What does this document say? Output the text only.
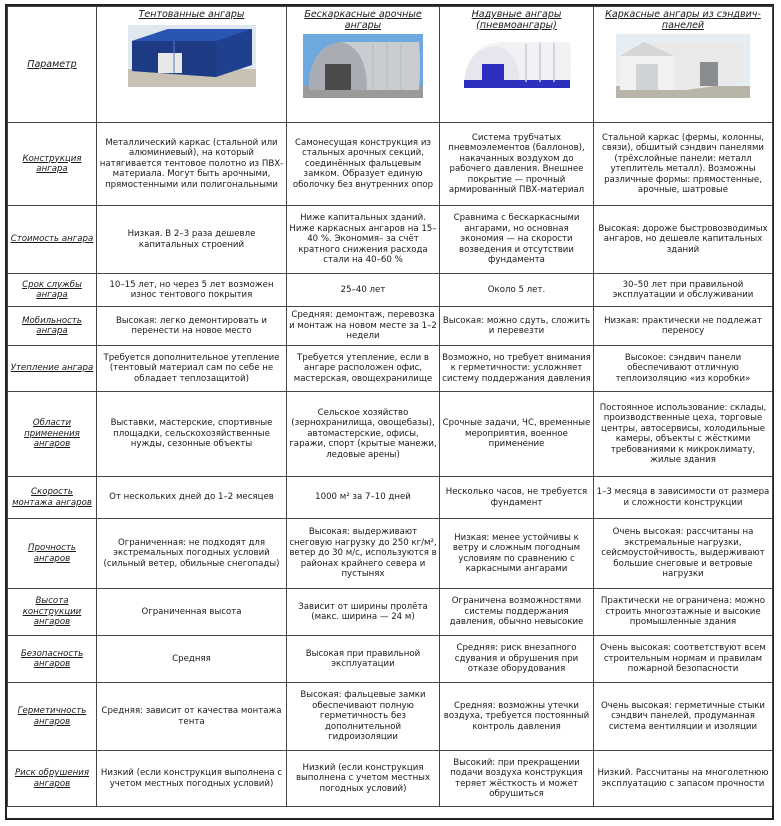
Параметр	Тентованные ангары	Бескаркасные арочные ангары	Надувные ангары (пневмоангары)	Каркасные ангары из сэндвич-панелей

Конструкция ангара	Металлический каркас (стальной или алюминиевый), на который натягивается тентовое полотно из ПВХ-материала. Могут быть арочными, прямостенными или полигональными	Самонесущая конструкция из стальных арочных секций, соединённых фальцевым замком. Образует единую оболочку без внутренних опор	Система трубчатых пневмоэлементов (баллонов), накачанных воздухом до рабочего давления. Внешнее покрытие — прочный армированный ПВХ-материал	Стальной каркас (фермы, колонны, связи), обшитый сэндвич панелями (трёхслойные панели: металл утеплитель металл). Возможны различные формы: прямостенные, арочные, шатровые
Стоимость ангара	Низкая. В 2–3 раза дешевле капитальных строений	Ниже капитальных зданий. Ниже каркасных ангаров на 15–40 %. Экономия– за счёт кратного снижения расхода стали на 40–60 %	Сравнима с бескаркасными ангарами, но основная экономия — на скорости возведения и отсутствии фундамента	Высокая: дороже быстровозводимых ангаров, но дешевле капитальных зданий
Срок службы ангара	10–15 лет, но через 5 лет возможен износ тентового покрытия	25–40 лет	Около 5 лет.	30–50 лет при правильной эксплуатации и обслуживании
Мобильность ангара	Высокая: легко демонтировать и перенести на новое место	Средняя: демонтаж, перевозка и монтаж на новом месте за 1–2 недели	Высокая: можно сдуть, сложить и перевезти	Низкая: практически не подлежат переносу
Утепление ангара	Требуется дополнительное утепление (тентовый материал сам по себе не обладает теплозащитой)	Требуется утепление, если в ангаре расположен офис, мастерская, овощехранилище	Возможно, но требует внимания к герметичности: усложняет систему поддержания давления	Высокое: сэндвич панели обеспечивают отличную теплоизоляцию «из коробки»
Области применения ангаров	Выставки, мастерские, спортивные площадки, сельскохозяйственные нужды, сезонные объекты	Сельское хозяйство (зернохранилища, овощебазы), автомастерские, офисы, гаражи, спорт (крытые манежи, ледовые арены)	Срочные задачи, ЧС, временные мероприятия, военное применение	Постоянное использование: склады, производственные цеха, торговые центры, автосервисы, холодильные камеры, объекты с жёсткими требованиями к микроклимату, жилые здания
Скорость монтажа ангаров	От нескольких дней до 1–2 месяцев	1000 м² за 7–10 дней	Несколько часов, не требуется фундамент	1–3 месяца в зависимости от размера и сложности конструкции
Прочность ангаров	Ограниченная: не подходят для экстремальных погодных условий (сильный ветер, обильные снегопады)	Высокая: выдерживают снеговую нагрузку до 250 кг/м², ветер до 30 м/с, используются в районах крайнего севера и пустынях	Низкая: менее устойчивы к ветру и сложным погодным условиям по сравнению с каркасными ангарами	Очень высокая: рассчитаны на экстремальные нагрузки, сейсмоустойчивость, выдерживают большие снеговые и ветровые нагрузки
Высота конструкции ангаров	Ограниченная высота	Зависит от ширины пролёта (макс. ширина — 24 м)	Ограничена возможностями системы поддержания давления, обычно невысокие	Практически не ограничена: можно строить многоэтажные и высокие промышленные здания
Безопасность ангаров	Средняя	Высокая при правильной эксплуатации	Средняя: риск внезапного сдувания и обрушения при отказе оборудования	Очень высокая: соответствуют всем строительным нормам и правилам пожарной безопасности
Герметичность ангаров	Средняя: зависит от качества монтажа тента	Высокая: фальцевые замки обеспечивают полную герметичность без дополнительной гидроизоляции	Средняя: возможны утечки воздуха, требуется постоянный контроль давления	Очень высокая: герметичные стыки сэндвич панелей, продуманная система вентиляции и изоляции
Риск обрушения ангаров	Низкий (если конструкция выполнена с учетом местных погодных условий)	Низкий (если конструкция выполнена с учетом местных погодных условий)	Высокий: при прекращении подачи воздуха конструкция теряет жёсткость и может обрушиться	Низкий. Рассчитаны на многолетнюю эксплуатацию с запасом прочности
